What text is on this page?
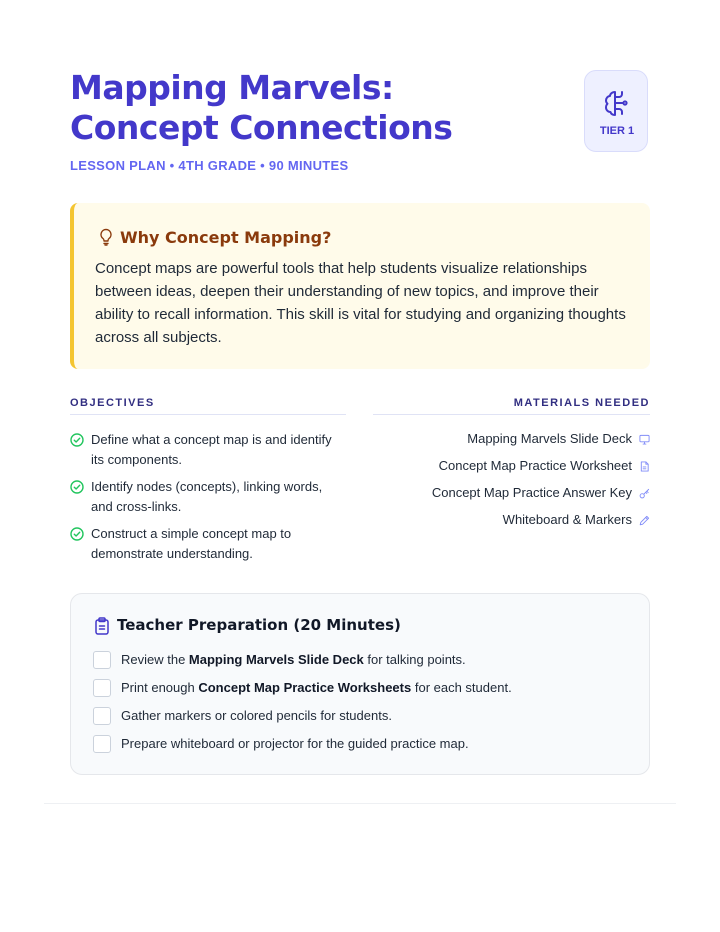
Mapping Marvels:
Concept Connections
LESSON PLAN • 4TH GRADE • 90 MINUTES
TIER 1
Why Concept Mapping?
Concept maps are powerful tools that help students visualize relationships between ideas, deepen their understanding of new topics, and improve their ability to recall information. This skill is vital for studying and organizing thoughts across all subjects.
OBJECTIVES	MATERIALS NEEDED
Define what a concept map is and identify its components.
Identify nodes (concepts), linking words, and cross-links.
Construct a simple concept map to demonstrate understanding.
Mapping Marvels Slide Deck
Concept Map Practice Worksheet
Concept Map Practice Answer Key
Whiteboard & Markers
Teacher Preparation (20 Minutes)
Review the Mapping Marvels Slide Deck for talking points.
Print enough Concept Map Practice Worksheets for each student.
Gather markers or colored pencils for students.
Prepare whiteboard or projector for the guided practice map.
